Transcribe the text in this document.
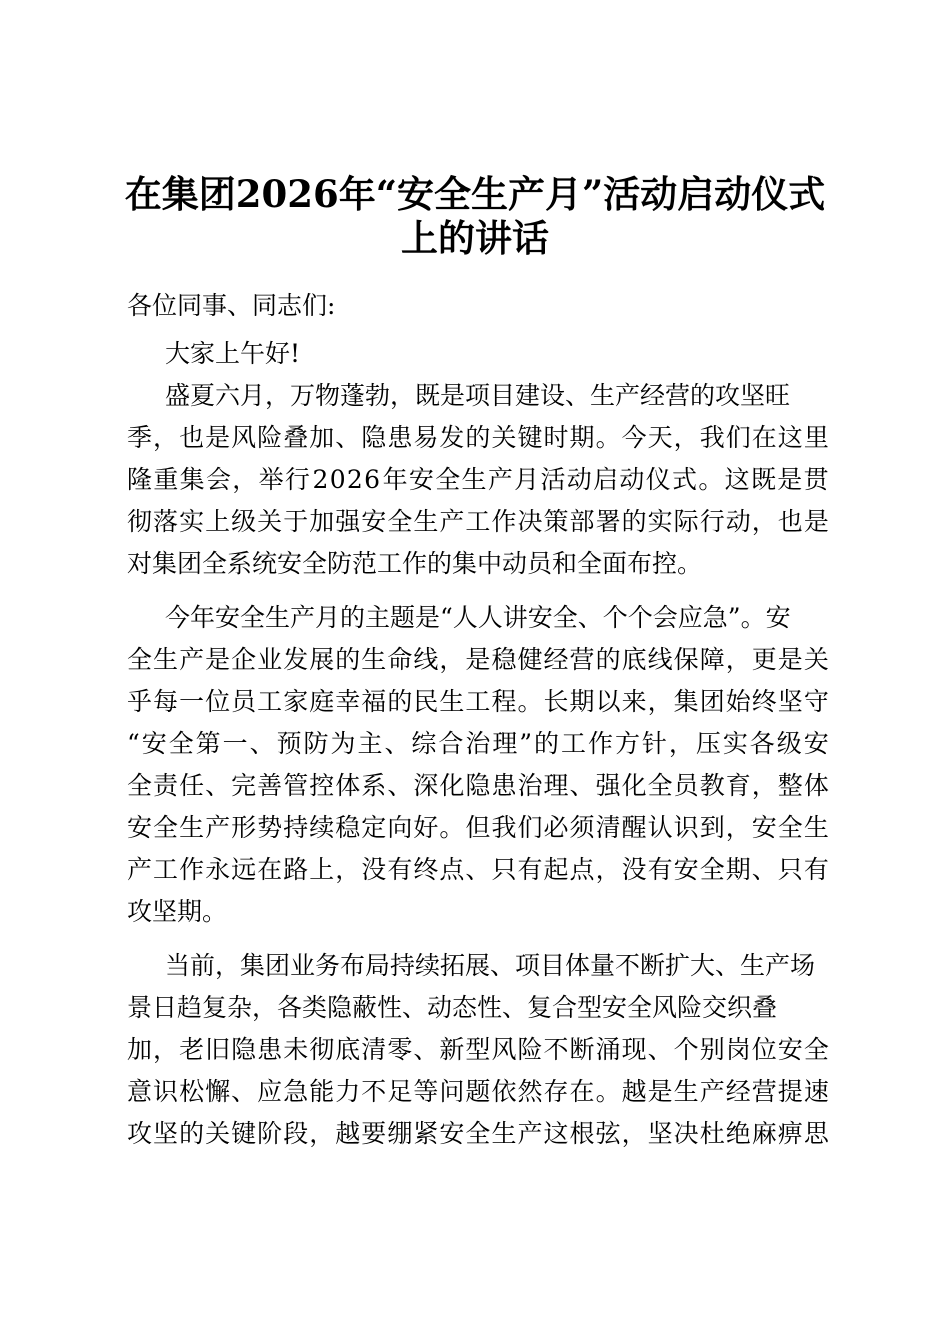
在集团2026年“安全生产月”活动启动仪式
上的讲话

各位同事、同志们:

大家上午好!

盛夏六月，万物蓬勃，既是项目建设、生产经营的攻坚旺

季 ， 也 是 风 险 叠 加 、 隐 患 易 发 的 关 键 时 期 。 今 天 ， 我 们 在 这 里

隆 重 集 会 ， 举 行 2 0 2 6 年 安 全 生 产 月 活 动 启 动 仪 式 。 这 既 是 贯

彻 落 实 上 级 关 于 加 强 安 全 生 产 工 作 决 策 部 署 的 实 际 行 动 ， 也 是

对集团全系统安全防范工作的集中动员和全面布控。

今年安全生产月的主题是“人人讲安全、个个会应急”。安

全 生 产 是 企 业 发 展 的 生 命 线 ， 是 稳 健 经 营 的 底 线 保 障 ， 更 是 关

乎 每 一 位 员 工 家 庭 幸 福 的 民 生 工 程 。 长 期 以 来 ， 集 团 始 终 坚 守

“ 安 全 第 一 、 预 防 为 主 、 综 合 治 理 ” 的 工 作 方 针 ， 压 实 各 级 安

全 责 任 、 完 善 管 控 体 系 、 深 化 隐 患 治 理 、 强 化 全 员 教 育 ， 整 体

安 全 生 产 形 势 持 续 稳 定 向 好 。 但 我 们 必 须 清 醒 认 识 到 ， 安 全 生

产 工 作 永 远 在 路 上 ， 没 有 终 点 、 只 有 起 点 ， 没 有 安 全 期 、 只 有

攻坚期。

当前，集团业务布局持续拓展、项目体量不断扩大、生产场

景日趋复杂，各类隐蔽性、动态性、复合型安全风险交织叠

加 ， 老 旧 隐 患 未 彻 底 清 零 、 新 型 风 险 不 断 涌 现 、 个 别 岗 位 安 全

意 识 松 懈 、 应 急 能 力 不 足 等 问 题 依 然 存 在 。 越 是 生 产 经 营 提 速

攻 坚 的 关 键 阶 段 ， 越 要 绷 紧 安 全 生 产 这 根 弦 ， 坚 决 杜 绝 麻 痹 思
